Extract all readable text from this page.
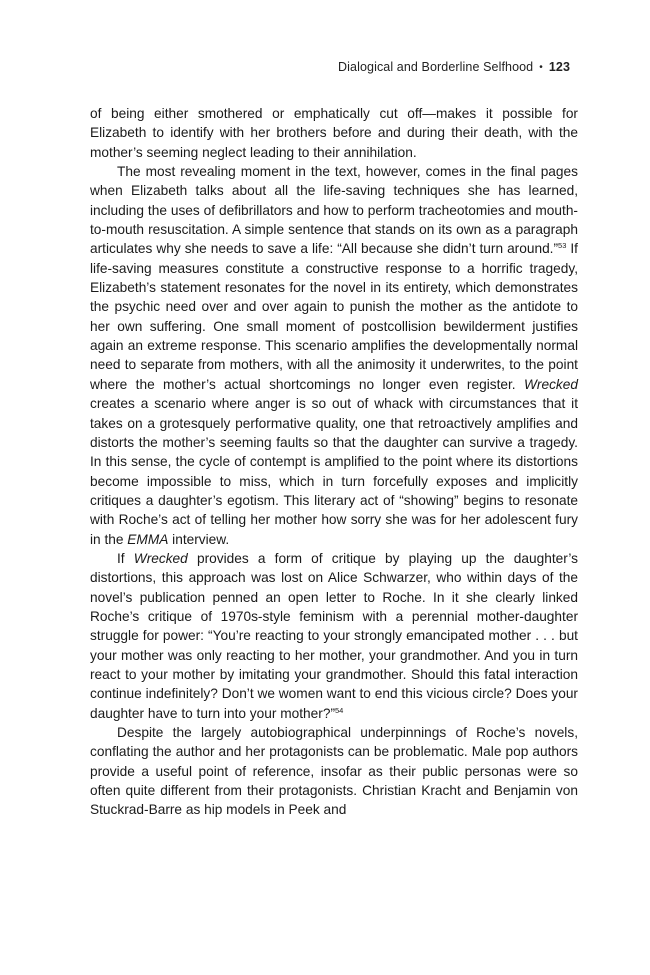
Dialogical and Borderline Selfhood • 123

of being either smothered or emphatically cut off—makes it possible for Elizabeth to identify with her brothers before and during their death, with the mother’s seeming neglect leading to their annihilation.

The most revealing moment in the text, however, comes in the final pages when Elizabeth talks about all the life-saving techniques she has learned, including the uses of defibrillators and how to perform tracheotomies and mouth-to-mouth resuscitation. A simple sentence that stands on its own as a paragraph articulates why she needs to save a life: “All because she didn’t turn around.”$^{53}$ If life-saving measures constitute a constructive response to a horrific tragedy, Elizabeth’s statement resonates for the novel in its entirety, which demonstrates the psychic need over and over again to punish the mother as the antidote to her own suffering. One small moment of postcollision bewilderment justifies again an extreme response. This scenario amplifies the developmentally normal need to separate from mothers, with all the animosity it underwrites, to the point where the mother’s actual shortcomings no longer even register. Wrecked creates a scenario where anger is so out of whack with circumstances that it takes on a grotesquely performative quality, one that retroactively amplifies and distorts the mother’s seeming faults so that the daughter can survive a tragedy. In this sense, the cycle of contempt is amplified to the point where its distortions become impossible to miss, which in turn forcefully exposes and implicitly critiques a daughter’s egotism. This literary act of “showing” begins to resonate with Roche’s act of telling her mother how sorry she was for her adolescent fury in the EMMA interview.

If Wrecked provides a form of critique by playing up the daughter’s distortions, this approach was lost on Alice Schwarzer, who within days of the novel’s publication penned an open letter to Roche. In it she clearly linked Roche’s critique of 1970s-style feminism with a perennial mother-daughter struggle for power: “You’re reacting to your strongly emancipated mother . . . but your mother was only reacting to her mother, your grandmother. And you in turn react to your mother by imitating your grandmother. Should this fatal interaction continue indefinitely? Don’t we women want to end this vicious circle? Does your daughter have to turn into your mother?”$^{54}$

Despite the largely autobiographical underpinnings of Roche’s novels, conflating the author and her protagonists can be problematic. Male pop authors provide a useful point of reference, insofar as their public personas were so often quite different from their protagonists. Christian Kracht and Benjamin von Stuckrad-Barre as hip models in Peek and
